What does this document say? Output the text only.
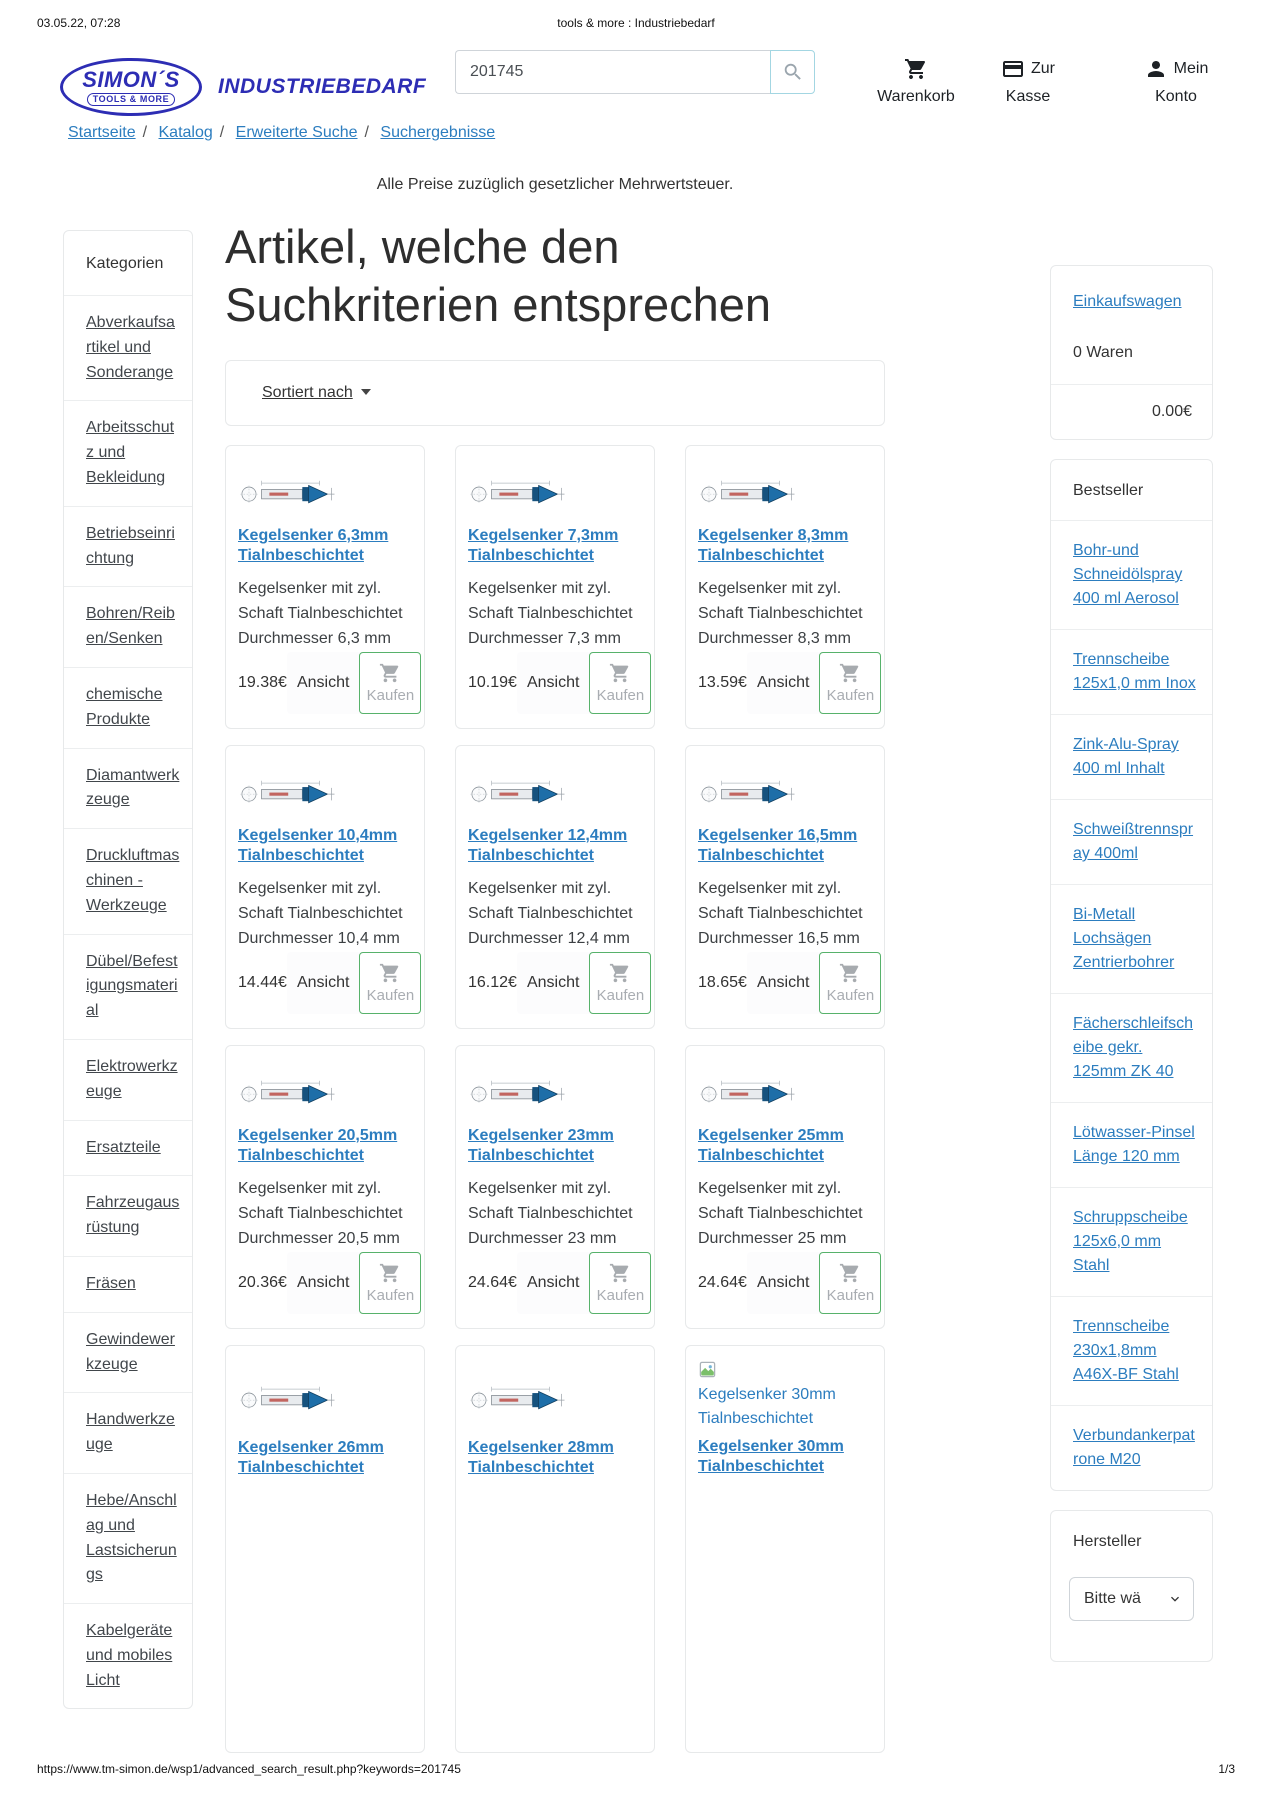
03.05.22, 07:28	tools & more : Industriebedarf
SIMON´S
TOOLS & MORE
INDUSTRIEBEDARF
201745	Warenkorb
Zur
Kasse
Mein
Konto
Startseite / Katalog / Erweiterte Suche / Suchergebnisse
Alle Preise zuzüglich gesetzlicher Mehrwertsteuer.
Kategorien
Abverkaufsartikel und Sonderange
Arbeitsschutz und Bekleidung
Betriebseinrichtung
Bohren/Reiben/Senken
chemische Produkte
Diamantwerkzeuge
Druckluftmaschinen - Werkzeuge
Dübel/Befestigungsmaterial
Elektrowerkzeuge
Ersatzteile
Fahrzeugausrüstung
Fräsen
Gewindewerkzeuge
Handwerkzeuge
Hebe/Anschlag und Lastsicherungs
Kabelgeräte und mobiles Licht
Artikel, welche den Suchkriterien entsprechen
Sortiert nach
Kegelsenker 6,3mm Tialnbeschichtet
Kegelsenker mit zyl. Schaft Tialnbeschichtet Durchmesser 6,3 mm
19.38€ Ansicht
Kaufen
Kegelsenker 7,3mm Tialnbeschichtet
Kegelsenker mit zyl. Schaft Tialnbeschichtet Durchmesser 7,3 mm
10.19€ Ansicht
Kaufen
Kegelsenker 8,3mm Tialnbeschichtet
Kegelsenker mit zyl. Schaft Tialnbeschichtet Durchmesser 8,3 mm
13.59€ Ansicht
Kaufen
Kegelsenker 10,4mm Tialnbeschichtet
Kegelsenker mit zyl. Schaft Tialnbeschichtet Durchmesser 10,4 mm
14.44€ Ansicht
Kaufen
Kegelsenker 12,4mm Tialnbeschichtet
Kegelsenker mit zyl. Schaft Tialnbeschichtet Durchmesser 12,4 mm
16.12€ Ansicht
Kaufen
Kegelsenker 16,5mm Tialnbeschichtet
Kegelsenker mit zyl. Schaft Tialnbeschichtet Durchmesser 16,5 mm
18.65€ Ansicht
Kaufen
Kegelsenker 20,5mm Tialnbeschichtet
Kegelsenker mit zyl. Schaft Tialnbeschichtet Durchmesser 20,5 mm
20.36€ Ansicht
Kaufen
Kegelsenker 23mm Tialnbeschichtet
Kegelsenker mit zyl. Schaft Tialnbeschichtet Durchmesser 23 mm
24.64€ Ansicht
Kaufen
Kegelsenker 25mm Tialnbeschichtet
Kegelsenker mit zyl. Schaft Tialnbeschichtet Durchmesser 25 mm
24.64€ Ansicht
Kaufen
Kegelsenker 26mm Tialnbeschichtet
Kegelsenker 28mm Tialnbeschichtet
Kegelsenker 30mm Tialnbeschichtet
Kegelsenker 30mm Tialnbeschichtet
Einkaufswagen
0 Waren
0.00€
Bestseller
Bohr-und Schneidölspray 400 ml Aerosol
Trennscheibe 125x1,0 mm Inox
Zink-Alu-Spray 400 ml Inhalt
Schweißtrennspray 400ml
Bi-Metall Lochsägen Zentrierbohrer
Fächerschleifscheibe gekr. 125mm ZK 40
Lötwasser-Pinsel Länge 120 mm
Schruppscheibe 125x6,0 mm Stahl
Trennscheibe 230x1,8mm A46X-BF Stahl
Verbundankerpatrone M20
Hersteller
Bitte wä
https://www.tm-simon.de/wsp1/advanced_search_result.php?keywords=201745	1/3
